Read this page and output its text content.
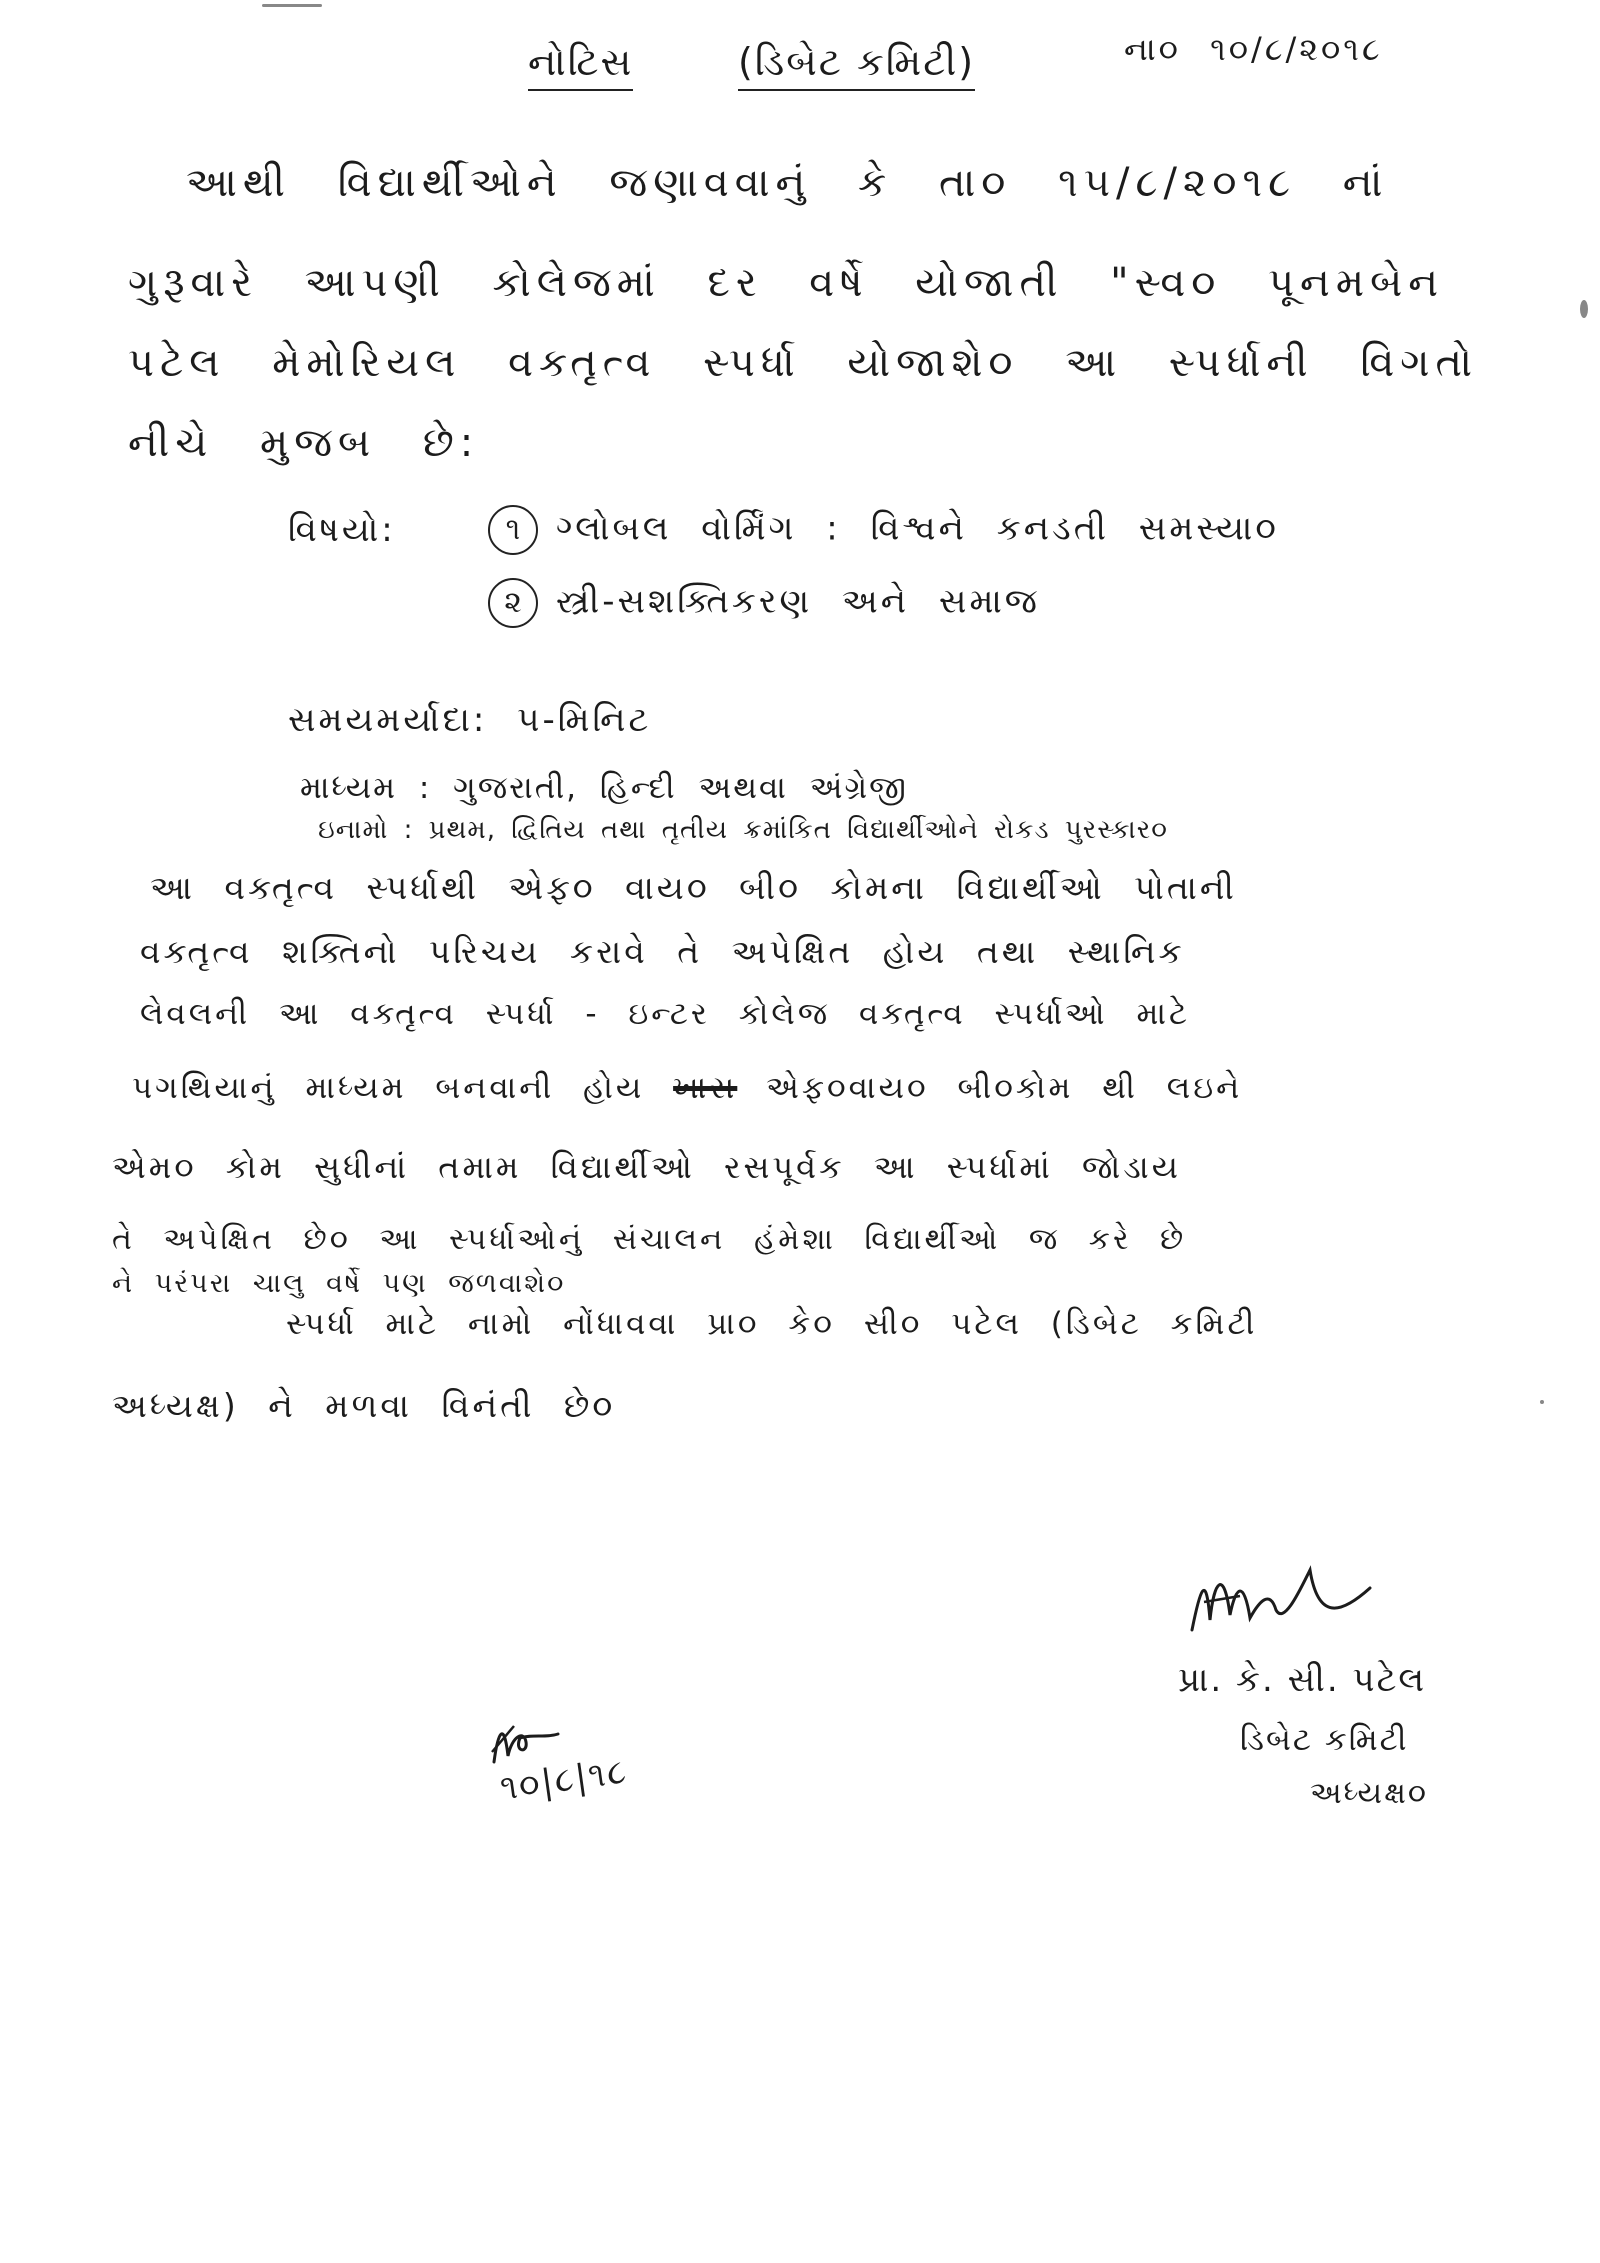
નોટિસ	(ડિબેટ કમિટી)	ના૦ ૧૦/૮/૨૦૧૮
આથી વિદ્યાર્થીઓને જણાવવાનું કે તા૦ ૧૫/૮/૨૦૧૮ નાં
ગુરૂવારે આપણી કોલેજમાં દર વર્ષે યોજાતી "સ્વ૦ પૂનમબેન
પટેલ મેમોરિયલ વક્તૃત્વ સ્પર્ધા યોજાશે૦ આ સ્પર્ધાની વિગતો
નીચે મુજબ છે:
વિષયો:	૧ ગ્લોબલ વોર્મિંગ : વિશ્વને કનડતી સમસ્યા૦
૨ સ્ત્રી-સશક્તિકરણ અને સમાજ
સમયમર્યાદા: ૫-મિનિટ
માધ્યમ : ગુજરાતી, હિન્દી અથવા અંગ્રેજી
ઇનામો : પ્રથમ, દ્વિતિય તથા તૃતીય ક્રમાંકિત વિદ્યાર્થીઓને રોકડ પુરસ્કાર૦
આ વક્તૃત્વ સ્પર્ધાથી એફ૦ વાય૦ બી૦ કોમના વિદ્યાર્થીઓ પોતાની
વક્તૃત્વ શક્તિનો પરિચય કરાવે તે અપેક્ષિત હોય તથા સ્થાનિક
લેવલની આ વક્તૃત્વ સ્પર્ધા - ઇન્ટર કોલેજ વક્તૃત્વ સ્પર્ધાઓ માટે
પગથિયાનું માધ્યમ બનવાની હોય ખાસ એફ૦વાય૦ બી૦કોમ થી લઇને
એમ૦ કોમ સુધીનાં તમામ વિદ્યાર્થીઓ રસપૂર્વક આ સ્પર્ધામાં જોડાય
તે અપેક્ષિત છે૦ આ સ્પર્ધાઓનું સંચાલન હંમેશા વિદ્યાર્થીઓ જ કરે છે
ને પરંપરા ચાલુ વર્ષે પણ જળવાશે૦
સ્પર્ધા માટે નામો નોંધાવવા પ્રા૦ કે૦ સી૦ પટેલ (ડિબેટ કમિટી
અધ્યક્ષ) ને મળવા વિનંતી છે૦
પ્રા. કે. સી. પટેલ
ડિબેટ કમિટી
અધ્યક્ષ૦
૧૦|૮|૧૮
